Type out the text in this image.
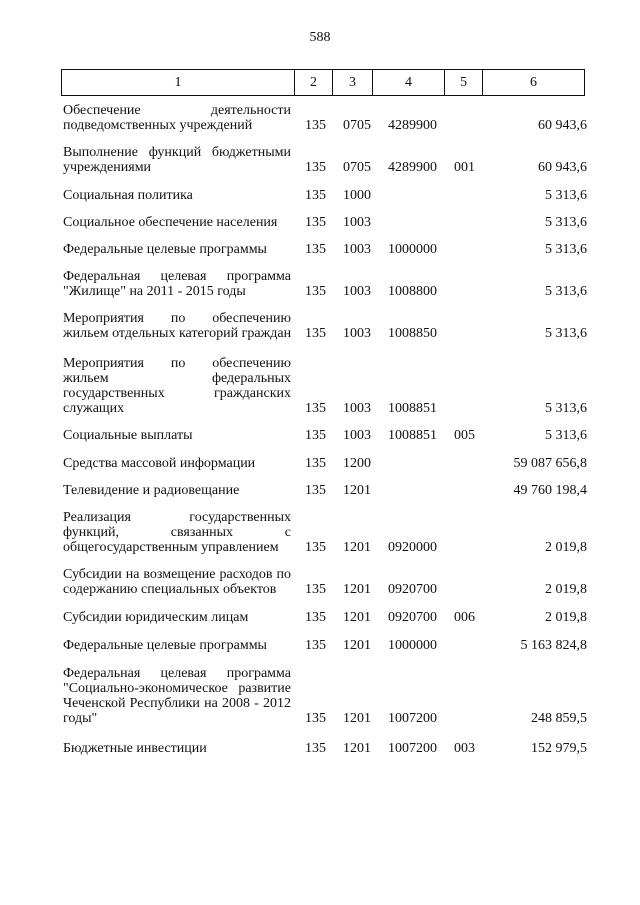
588
1	2	3	4	5	6
Обеспечение деятельности
подведомственных учреждений	135 0705 4289900	60 943,6
Выполнение функций бюджетными
учреждениями	135 0705 4289900 001	60 943,6
Социальная политика	135 1000	5 313,6
Социальное обеспечение населения	135 1003	5 313,6
Федеральные целевые программы	135 1003 1000000	5 313,6
Федеральная целевая программа
"Жилище" на 2011 - 2015 годы	135 1003 1008800	5 313,6
Мероприятия по обеспечению
жильем отдельных категорий граждан 135 1003 1008850	5 313,6
Мероприятия по обеспечению
жильем федеральных
государственных гражданских
служащих	135 1003 1008851	5 313,6
Социальные выплаты	135 1003 1008851 005	5 313,6
Средства массовой информации	135 1200	59 087 656,8
Телевидение и радиовещание	135 1201	49 760 198,4
Реализация государственных
функций, связанных с
общегосударственным управлением	135 1201 0920000	2 019,8
Субсидии на возмещение расходов по
содержанию специальных объектов	135 1201 0920700	2 019,8
Субсидии юридическим лицам	135 1201 0920700 006	2 019,8
Федеральные целевые программы	135 1201 1000000	5 163 824,8
Федеральная целевая программа
"Социально-экономическое развитие
Чеченской Республики на 2008 - 2012
годы"	135 1201 1007200	248 859,5
Бюджетные инвестиции	135 1201 1007200 003	152 979,5
